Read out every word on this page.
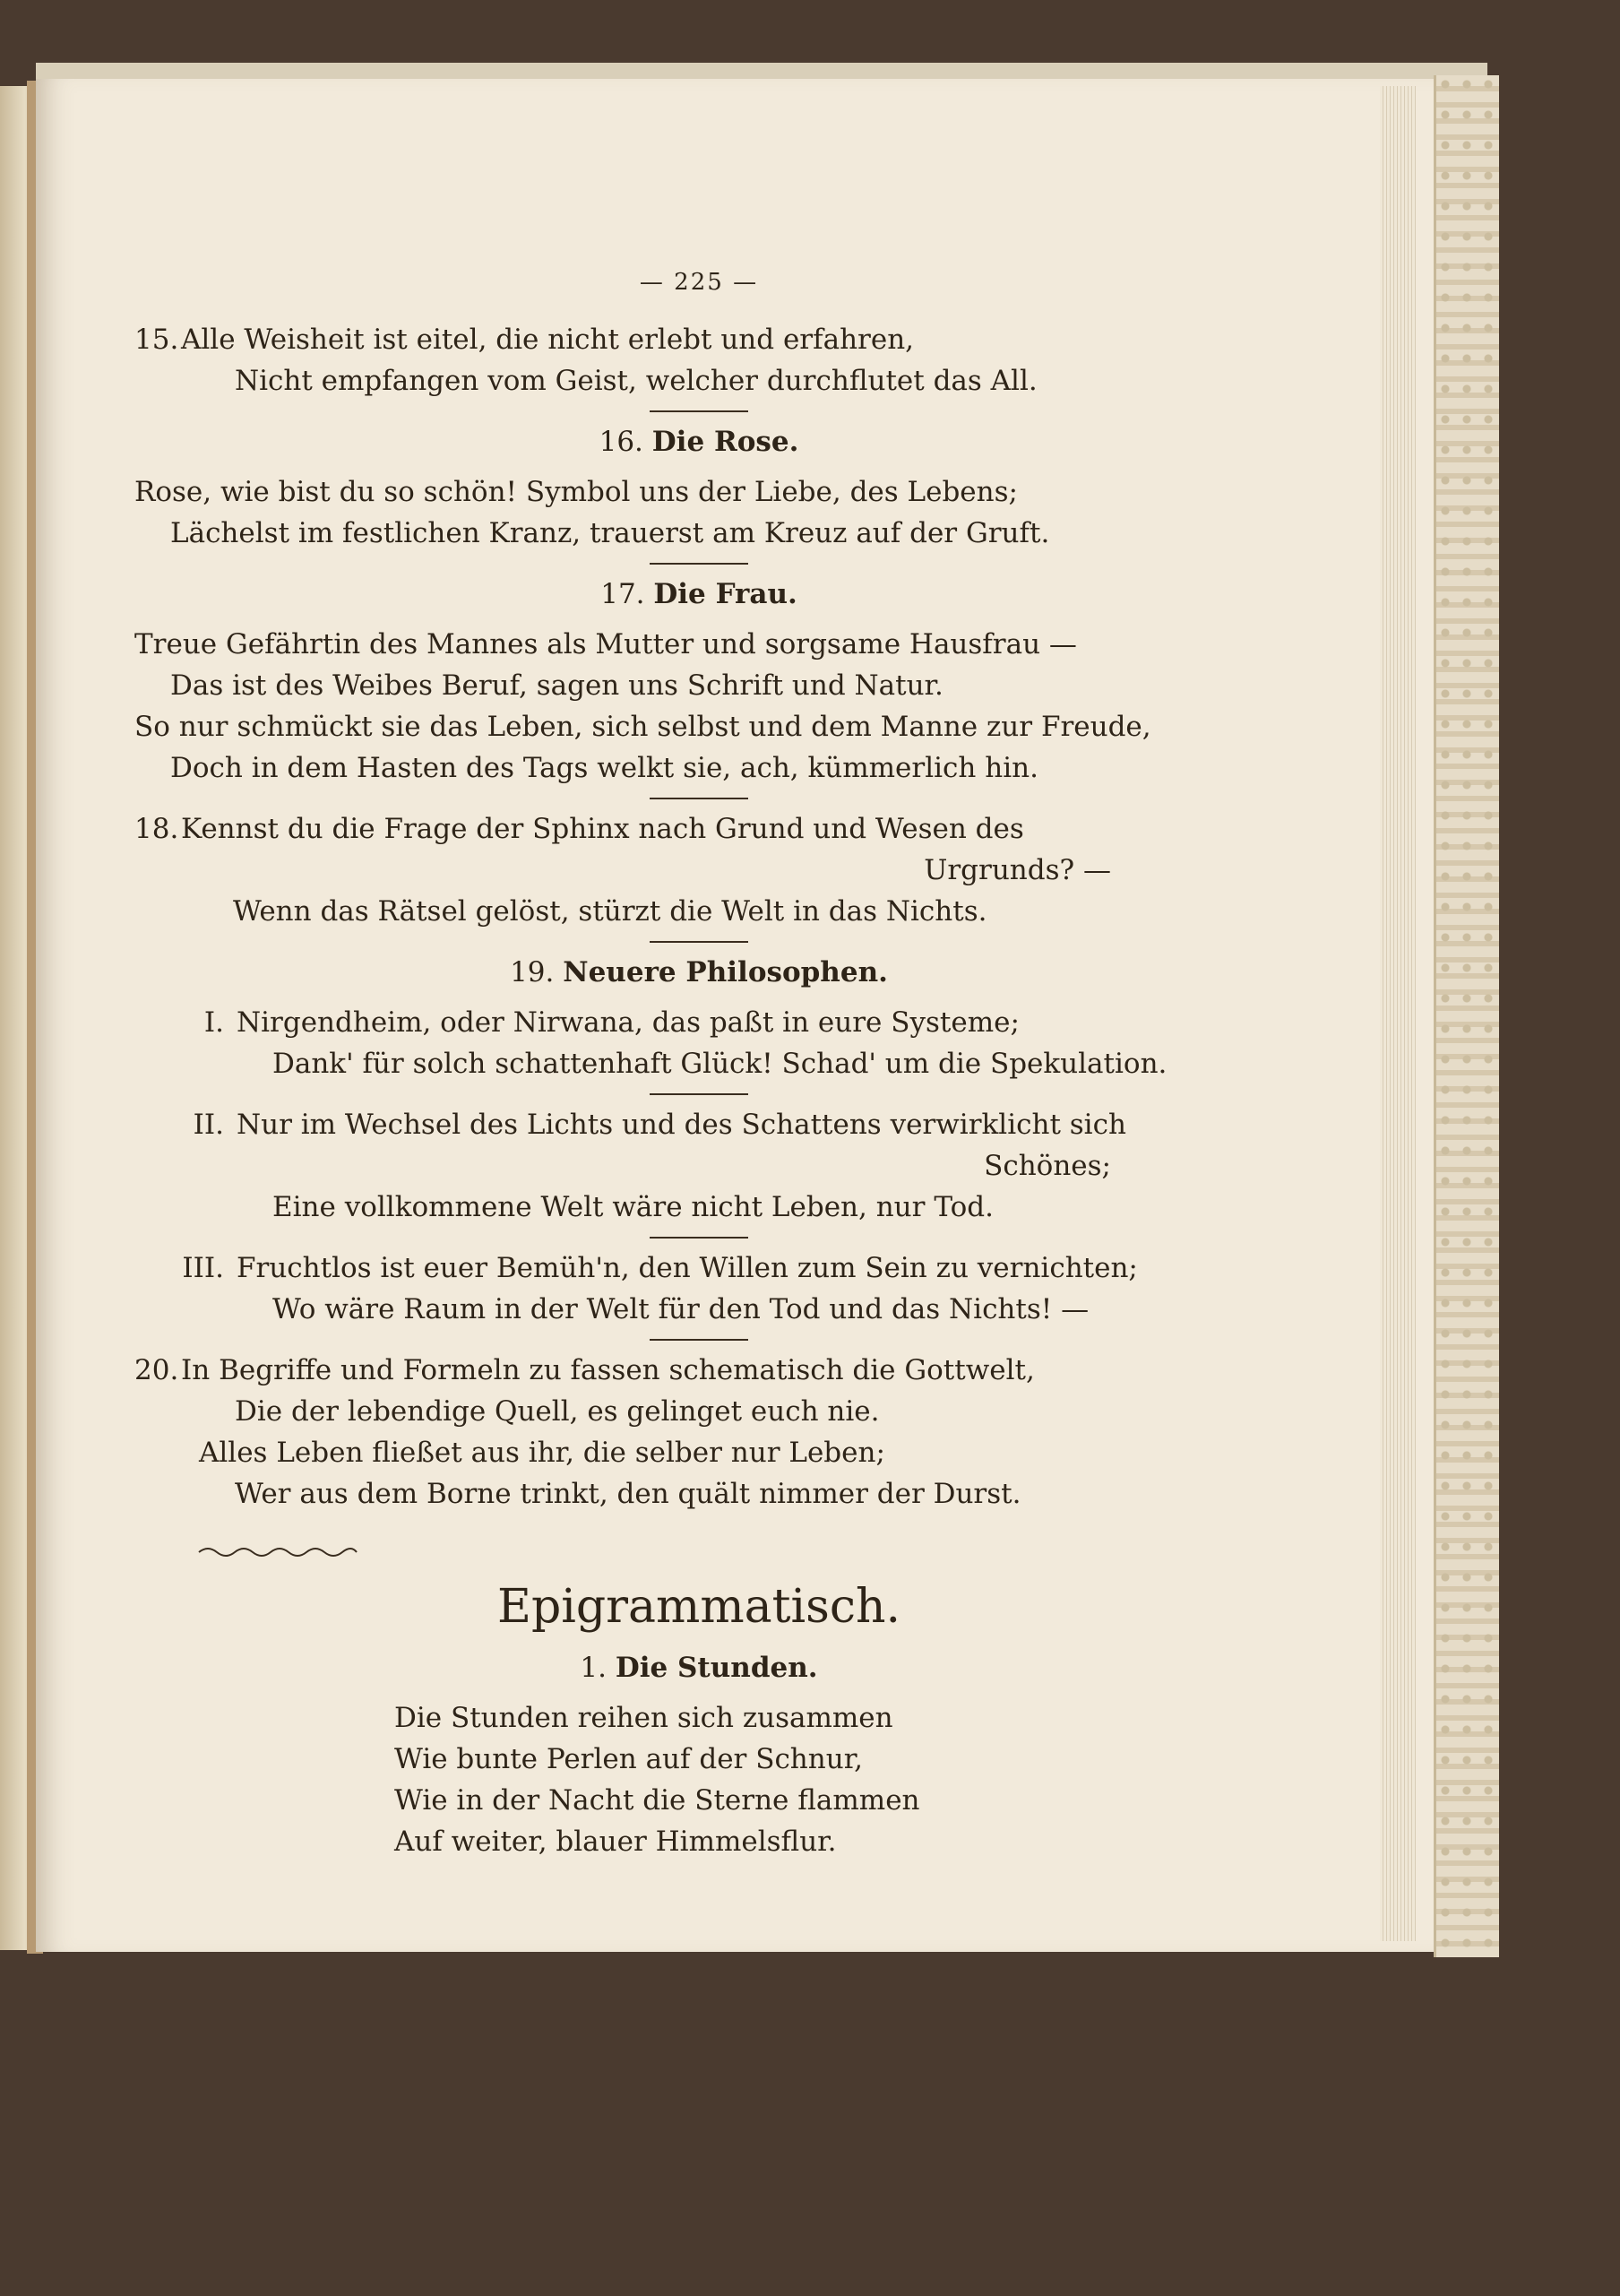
— 225 —
15.Alle Weisheit ist eitel, die nicht erlebt und erfahren,
Nicht empfangen vom Geist, welcher durchflutet das All.
16. Die Rose.
Rose, wie bist du so schön! Symbol uns der Liebe, des Lebens;
Lächelst im festlichen Kranz, trauerst am Kreuz auf der Gruft.
17. Die Frau.
Treue Gefährtin des Mannes als Mutter und sorgsame Hausfrau —
Das ist des Weibes Beruf, sagen uns Schrift und Natur.
So nur schmückt sie das Leben, sich selbst und dem Manne zur Freude,
Doch in dem Hasten des Tags welkt sie, ach, kümmerlich hin.
18.Kennst du die Frage der Sphinx nach Grund und Wesen des
Urgrunds? —
Wenn das Rätsel gelöst, stürzt die Welt in das Nichts.
19. Neuere Philosophen.
I. Nirgendheim, oder Nirwana, das paßt in eure Systeme;
Dank' für solch schattenhaft Glück! Schad' um die Spekulation.
II. Nur im Wechsel des Lichts und des Schattens verwirklicht sich
Schönes;
Eine vollkommene Welt wäre nicht Leben, nur Tod.
III. Fruchtlos ist euer Bemüh'n, den Willen zum Sein zu vernichten;
Wo wäre Raum in der Welt für den Tod und das Nichts! —
20.In Begriffe und Formeln zu fassen schematisch die Gottwelt,
Die der lebendige Quell, es gelinget euch nie.
Alles Leben fließet aus ihr, die selber nur Leben;
Wer aus dem Borne trinkt, den quält nimmer der Durst.
Epigrammatisch.
1. Die Stunden.
Die Stunden reihen sich zusammen
Wie bunte Perlen auf der Schnur,
Wie in der Nacht die Sterne flammen
Auf weiter, blauer Himmelsflur.
